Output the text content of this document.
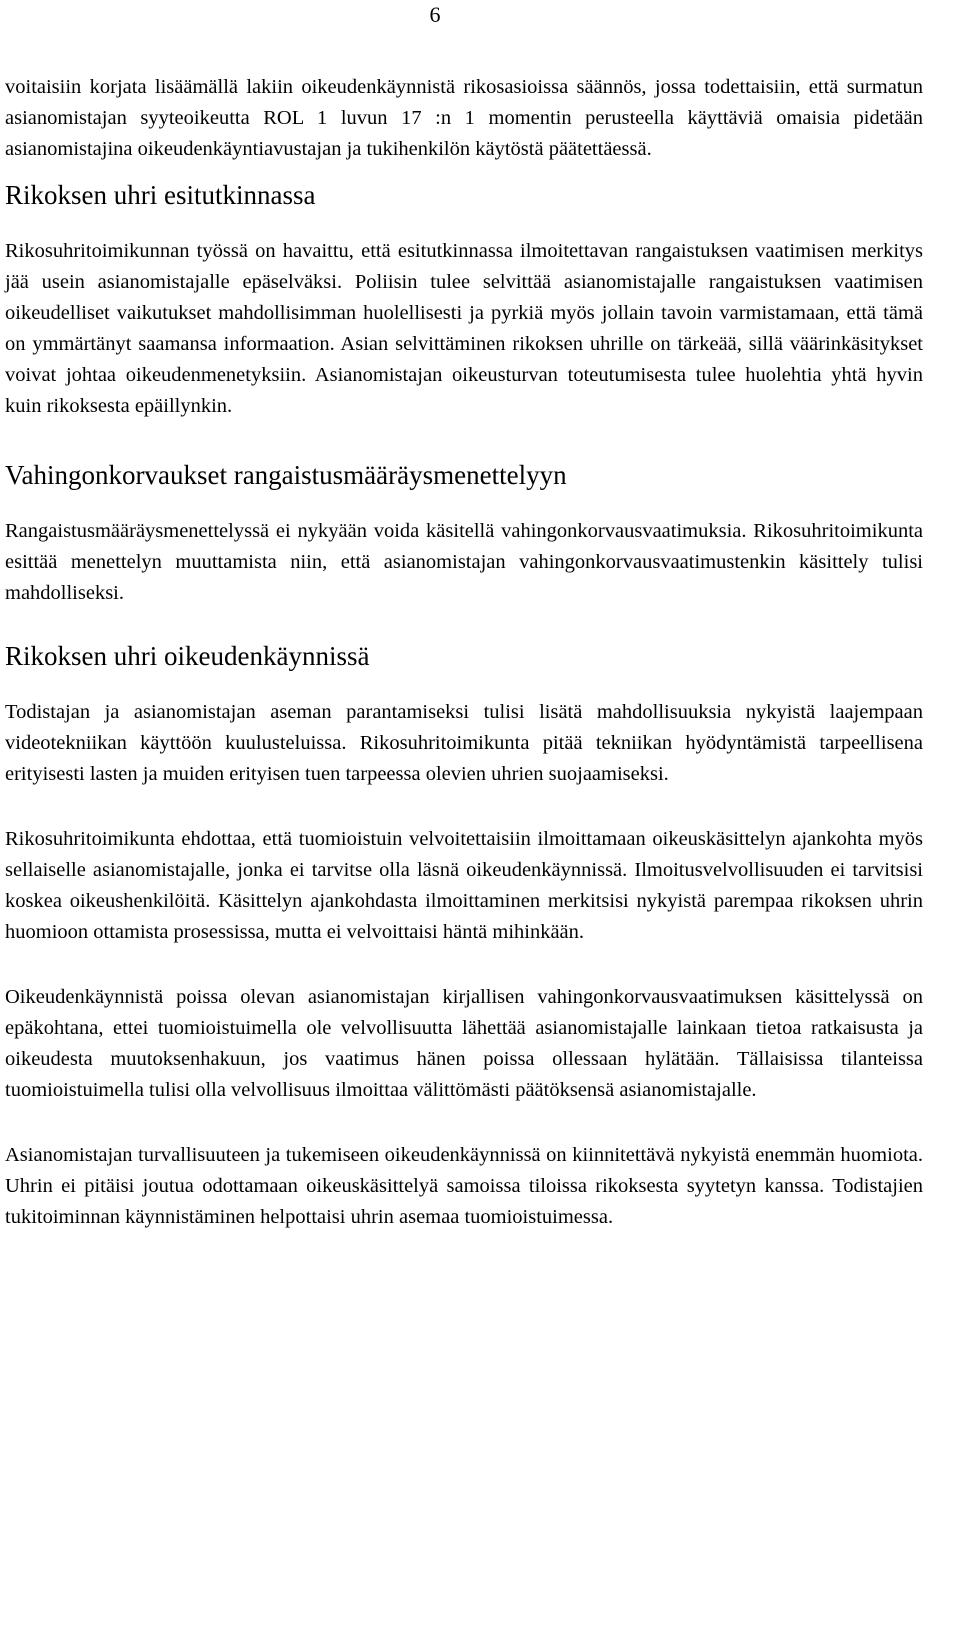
6

voitaisiin korjata lisäämällä lakiin oikeudenkäynnistä rikosasioissa säännös, jossa todettaisiin, että surmatun asianomistajan syyteoikeutta ROL 1 luvun 17 :n 1 momentin perusteella käyttäviä omaisia pidetään asianomistajina oikeudenkäyntiavustajan ja tukihenkilön käytöstä päätettäessä.

Rikoksen uhri esitutkinnassa

Rikosuhritoimikunnan työssä on havaittu, että esitutkinnassa ilmoitettavan rangaistuksen vaatimisen merkitys jää usein asianomistajalle epäselväksi. Poliisin tulee selvittää asianomistajalle rangaistuksen vaatimisen oikeudelliset vaikutukset mahdollisimman huolellisesti ja pyrkiä myös jollain tavoin varmistamaan, että tämä on ymmärtänyt saamansa informaation. Asian selvittäminen rikoksen uhrille on tärkeää, sillä väärinkäsitykset voivat johtaa oikeudenmenetyksiin. Asianomistajan oikeusturvan toteutumisesta tulee huolehtia yhtä hyvin kuin rikoksesta epäillynkin.

Vahingonkorvaukset rangaistusmääräysmenettelyyn

Rangaistusmääräysmenettelyssä ei nykyään voida käsitellä vahingonkorvausvaatimuksia. Rikosuhritoimikunta esittää menettelyn muuttamista niin, että asianomistajan vahingonkorvausvaatimustenkin käsittely tulisi mahdolliseksi.

Rikoksen uhri oikeudenkäynnissä

Todistajan ja asianomistajan aseman parantamiseksi tulisi lisätä mahdollisuuksia nykyistä laajempaan videotekniikan käyttöön kuulusteluissa. Rikosuhritoimikunta pitää tekniikan hyödyntämistä tarpeellisena erityisesti lasten ja muiden erityisen tuen tarpeessa olevien uhrien suojaamiseksi.

Rikosuhritoimikunta ehdottaa, että tuomioistuin velvoitettaisiin ilmoittamaan oikeuskäsittelyn ajankohta myös sellaiselle asianomistajalle, jonka ei tarvitse olla läsnä oikeudenkäynnissä. Ilmoitusvelvollisuuden ei tarvitsisi koskea oikeushenkilöitä. Käsittelyn ajankohdasta ilmoittaminen merkitsisi nykyistä parempaa rikoksen uhrin huomioon ottamista prosessissa, mutta ei velvoittaisi häntä mihinkään.

Oikeudenkäynnistä poissa olevan asianomistajan kirjallisen vahingonkorvausvaatimuksen käsittelyssä on epäkohtana, ettei tuomioistuimella ole velvollisuutta lähettää asianomistajalle lainkaan tietoa ratkaisusta ja oikeudesta muutoksenhakuun, jos vaatimus hänen poissa ollessaan hylätään. Tällaisissa tilanteissa tuomioistuimella tulisi olla velvollisuus ilmoittaa välittömästi päätöksensä asianomistajalle.

Asianomistajan turvallisuuteen ja tukemiseen oikeudenkäynnissä on kiinnitettävä nykyistä enemmän huomiota. Uhrin ei pitäisi joutua odottamaan oikeuskäsittelyä samoissa tiloissa rikoksesta syytetyn kanssa. Todistajien tukitoiminnan käynnistäminen helpottaisi uhrin asemaa tuomioistuimessa.
